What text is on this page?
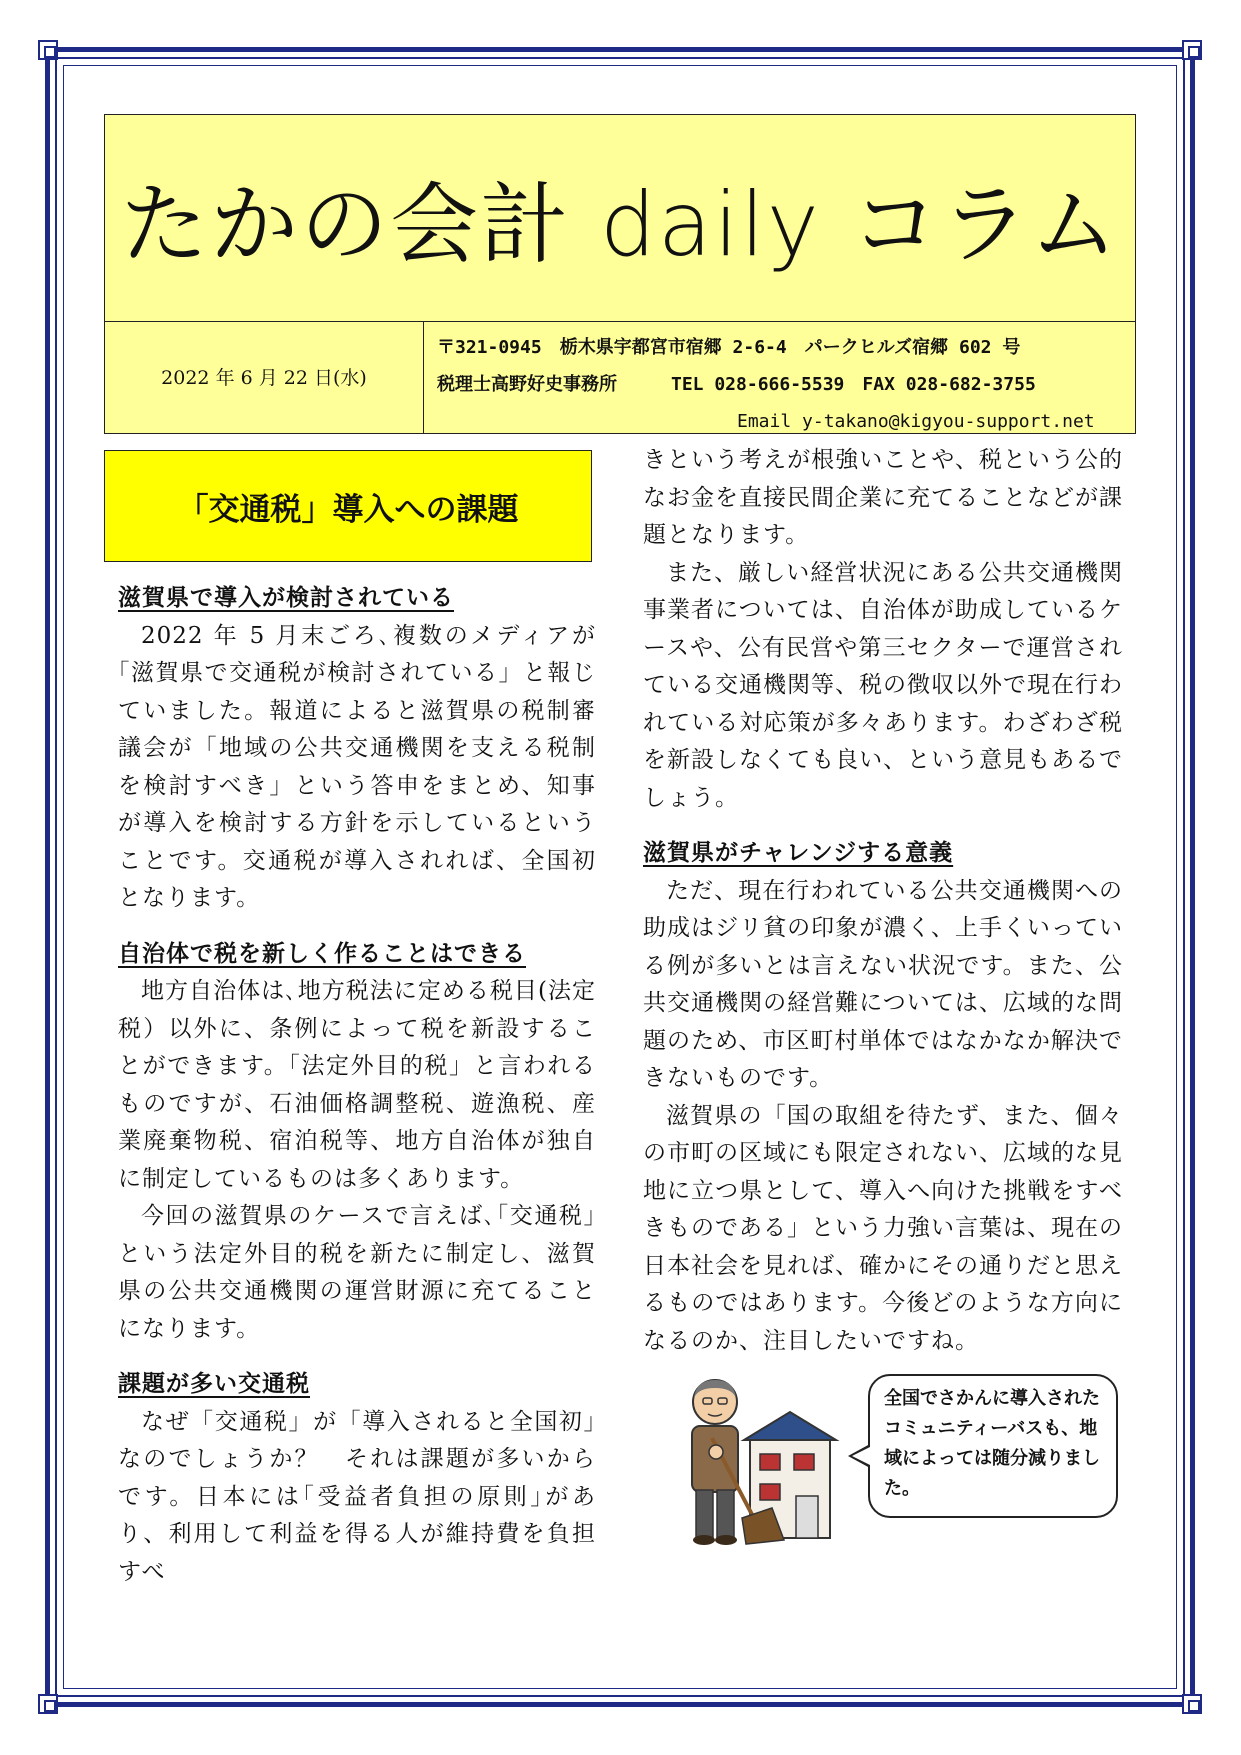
たかの会計 daily コラム
2022 年 6 月 22 日(水)
〒321-0945　栃木県宇都宮市宿郷 2-6-4　パークヒルズ宿郷 602 号
税理士高野好史事務所　　　TEL 028-666-5539　FAX 028-682-3755
Email y-takano@kigyou-support.net
「交通税」導入への課題
滋賀県で導入が検討されている

2022 年 5 月末ごろ､複数のメディアが｢滋賀県で交通税が検討されている」と報じていました。報道によると滋賀県の税制審議会が「地域の公共交通機関を支える税制を検討すべき」という答申をまとめ、知事が導入を検討する方針を示しているということです。交通税が導入されれば、全国初となります。

自治体で税を新しく作ることはできる

地方自治体は､地方税法に定める税目(法定税）以外に、条例によって税を新設することができます。｢法定外目的税」と言われるものですが、石油価格調整税、遊漁税、産業廃棄物税、宿泊税等、地方自治体が独自に制定しているものは多くあります。

今回の滋賀県のケースで言えば､｢交通税」という法定外目的税を新たに制定し、滋賀県の公共交通機関の運営財源に充てることになります。

課題が多い交通税

なぜ「交通税」が「導入されると全国初」なのでしょうか？　それは課題が多いからです。日本には｢受益者負担の原則｣があり、利用して利益を得る人が維持費を負担すべ

きという考えが根強いことや、税という公的なお金を直接民間企業に充てることなどが課題となります。

また、厳しい経営状況にある公共交通機関事業者については、自治体が助成しているケースや、公有民営や第三セクターで運営されている交通機関等、税の徴収以外で現在行われている対応策が多々あります。わざわざ税を新設しなくても良い、という意見もあるでしょう。

滋賀県がチャレンジする意義

ただ、現在行われている公共交通機関への助成はジリ貧の印象が濃く、上手くいっている例が多いとは言えない状況です。また、公共交通機関の経営難については、広域的な問題のため、市区町村単体ではなかなか解決できないものです。

滋賀県の「国の取組を待たず、また、個々の市町の区域にも限定されない、広域的な見地に立つ県として、導入へ向けた挑戦をすべきものである」という力強い言葉は、現在の日本社会を見れば、確かにその通りだと思えるものではあります。今後どのような方向になるのか、注目したいですね。

全国でさかんに導入されたコミュニティーバスも、地域によっては随分減りました。
